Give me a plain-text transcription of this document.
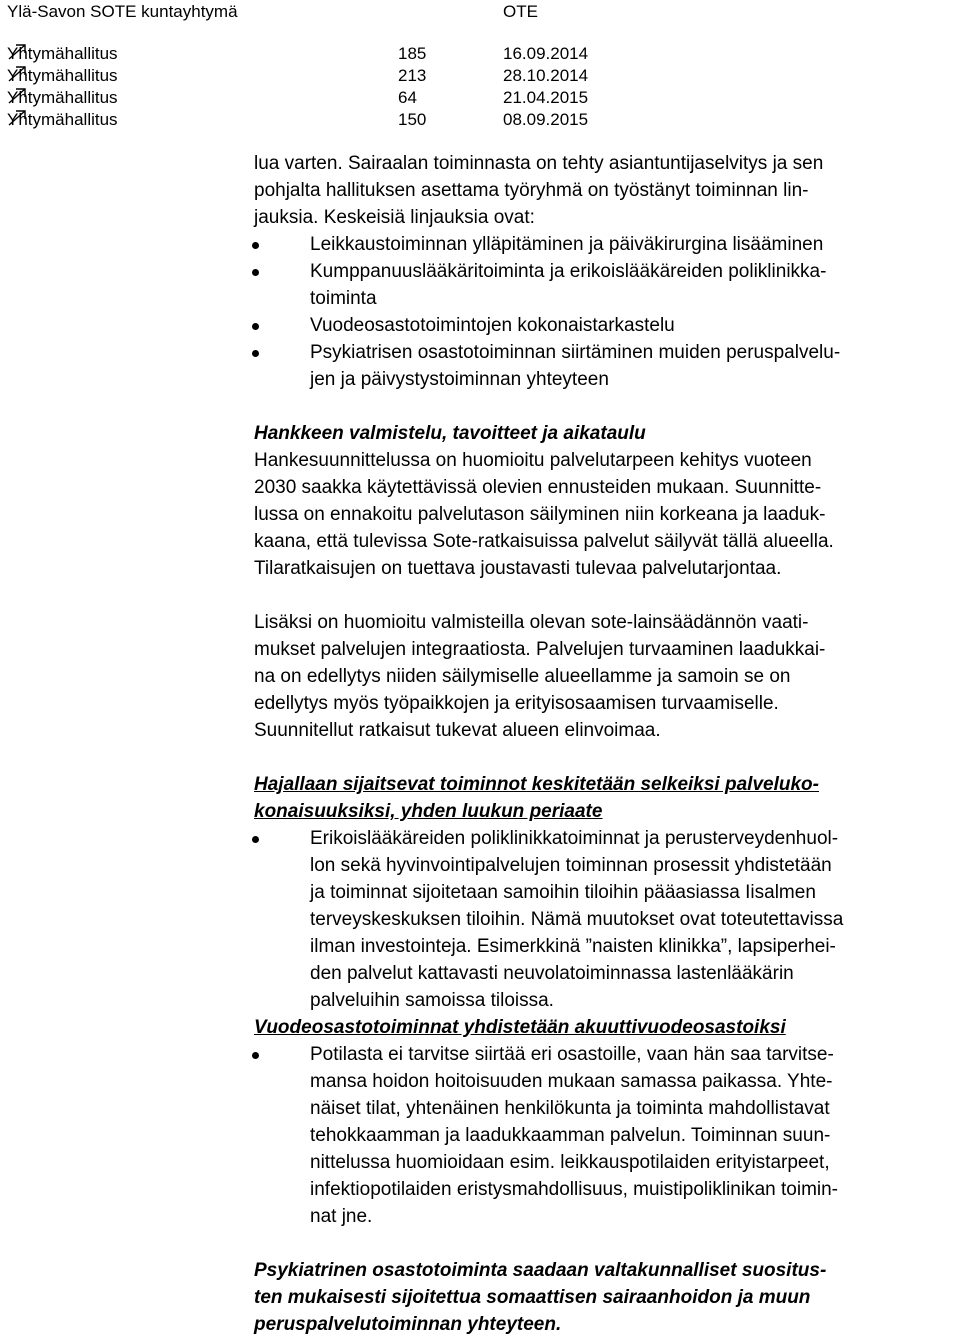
Ylä-Savon SOTE kuntayhtymä	OTE
Yhtymähallitus	185	16.09.2014
Yhtymähallitus	213	28.10.2014
Yhtymähallitus	64	21.04.2015
Yhtymähallitus	150	08.09.2015

lua varten. Sairaalan toiminnasta on tehty asiantuntijaselvitys ja sen
pohjalta hallituksen asettama työryhmä on työstänyt toiminnan lin-
jauksia. Keskeisiä linjauksia ovat:

Leikkaustoiminnan ylläpitäminen ja päiväkirurgina lisääminen

Kumppanuuslääkäritoiminta ja erikoislääkäreiden poliklinikka-
toiminta

Vuodeosastotoimintojen kokonaistarkastelu

Psykiatrisen osastotoiminnan siirtäminen muiden peruspalvelu-
jen ja päivystystoiminnan yhteyteen

Hankkeen valmistelu, tavoitteet ja aikataulu

Hankesuunnittelussa on huomioitu palvelutarpeen kehitys vuoteen
2030 saakka käytettävissä olevien ennusteiden mukaan. Suunnitte-
lussa on ennakoitu palvelutason säilyminen niin korkeana ja laaduk-
kaana, että tulevissa Sote-ratkaisuissa palvelut säilyvät tällä alueella.
Tilaratkaisujen on tuettava joustavasti tulevaa palvelutarjontaa.

Lisäksi on huomioitu valmisteilla olevan sote-lainsäädännön vaati-
mukset palvelujen integraatiosta. Palvelujen turvaaminen laadukkai-
na on edellytys niiden säilymiselle alueellamme ja samoin se on
edellytys myös työpaikkojen ja erityisosaamisen turvaamiselle.
Suunnitellut ratkaisut tukevat alueen elinvoimaa.

Hajallaan sijaitsevat toiminnot keskitetään selkeiksi palveluko-
konaisuuksiksi, yhden luukun periaate

Erikoislääkäreiden poliklinikkatoiminnat ja perusterveydenhuol-
lon sekä hyvinvointipalvelujen toiminnan prosessit yhdistetään
ja toiminnat sijoitetaan samoihin tiloihin pääasiassa Iisalmen
terveyskeskuksen tiloihin. Nämä muutokset ovat toteutettavissa
ilman investointeja. Esimerkkinä ”naisten klinikka”, lapsiperhei-
den palvelut kattavasti neuvolatoiminnassa lastenlääkärin
palveluihin samoissa tiloissa.

Vuodeosastotoiminnat yhdistetään akuuttivuodeosastoiksi

Potilasta ei tarvitse siirtää eri osastoille, vaan hän saa tarvitse-
mansa hoidon hoitoisuuden mukaan samassa paikassa. Yhte-
näiset tilat, yhtenäinen henkilökunta ja toiminta mahdollistavat
tehokkaamman ja laadukkaamman palvelun. Toiminnan suun-
nittelussa huomioidaan esim. leikkauspotilaiden erityistarpeet,
infektiopotilaiden eristysmahdollisuus, muistipoliklinikan toimin-
nat jne.

Psykiatrinen osastotoiminta saadaan valtakunnalliset suositus-
ten mukaisesti sijoitettua somaattisen sairaanhoidon ja muun
peruspalvelutoiminnan yhteyteen.
